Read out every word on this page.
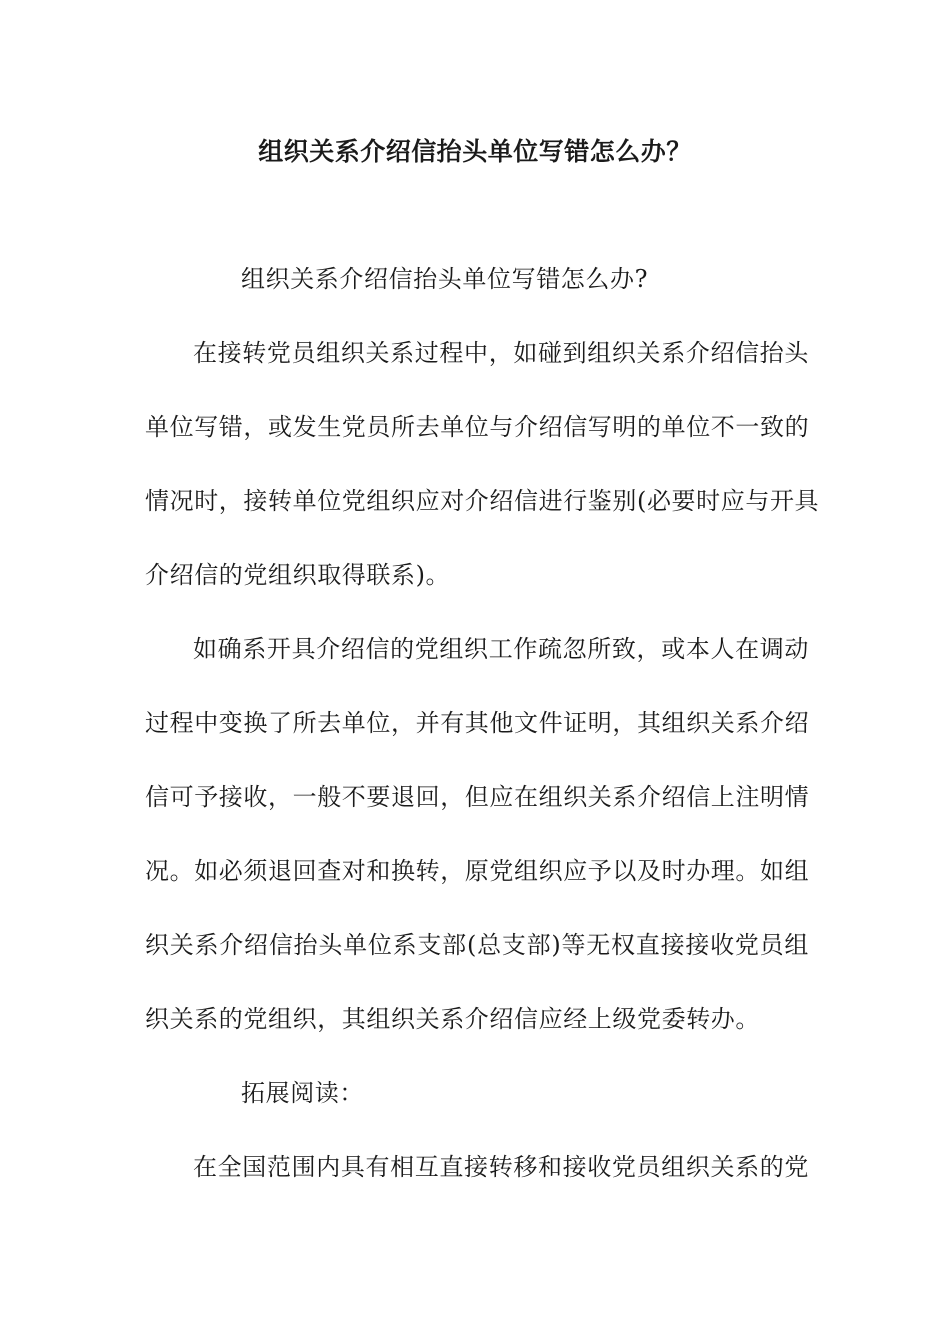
组织关系介绍信抬头单位写错怎么办？

组织关系介绍信抬头单位写错怎么办?

在接转党员组织关系过程中，如碰到组织关系介绍信抬头

单位写错，或发生党员所去单位与介绍信写明的单位不一致的

情况时，接转单位党组织应对介绍信进行鉴别(必要时应与开具

介绍信的党组织取得联系)。

如确系开具介绍信的党组织工作疏忽所致，或本人在调动

过程中变换了所去单位，并有其他文件证明，其组织关系介绍

信可予接收，一般不要退回，但应在组织关系介绍信上注明情

况。如必须退回查对和换转，原党组织应予以及时办理。如组

织关系介绍信抬头单位系支部(总支部)等无权直接接收党员组

织关系的党组织，其组织关系介绍信应经上级党委转办。

拓展阅读：

在全国范围内具有相互直接转移和接收党员组织关系的党
